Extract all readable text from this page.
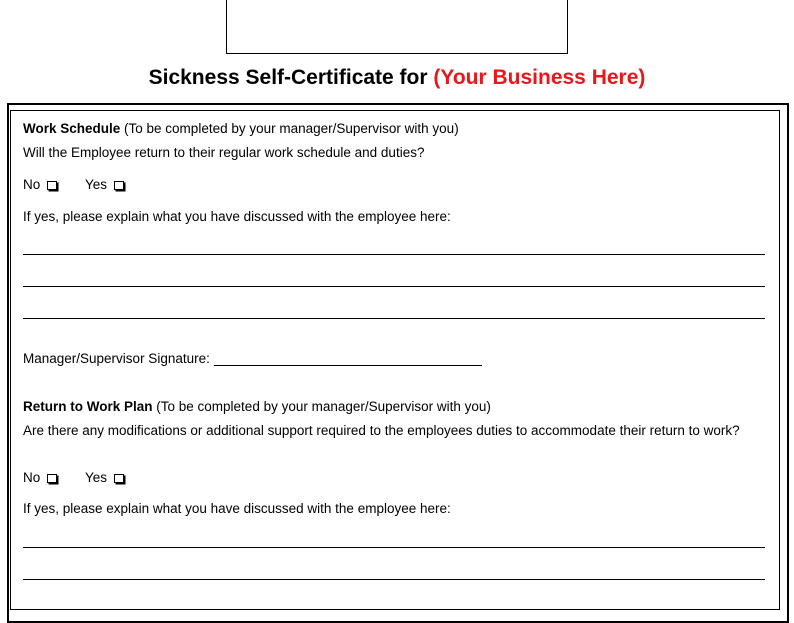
Sickness Self-Certificate for (Your Business Here)
Work Schedule (To be completed by your manager/Supervisor with you)
Will the Employee return to their regular work schedule and duties?
No	Yes
If yes, please explain what you have discussed with the employee here:
Manager/Supervisor Signature:
Return to Work Plan (To be completed by your manager/Supervisor with you)
Are there any modifications or additional support required to the employees duties to accommodate their return to work?
No	Yes
If yes, please explain what you have discussed with the employee here:
